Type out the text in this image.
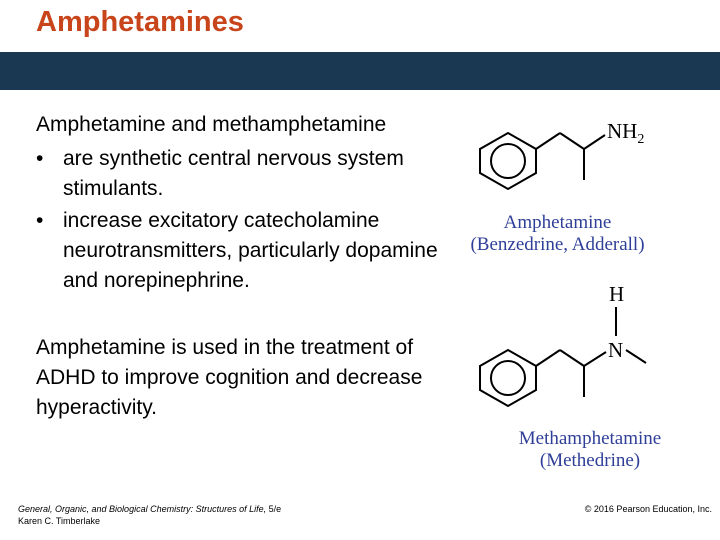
Amphetamines
Amphetamine and methamphetamine
• are synthetic central nervous system stimulants.
• increase excitatory catecholamine neurotransmitters, particularly dopamine and norepinephrine.
Amphetamine is used in the treatment of ADHD to improve cognition and decrease hyperactivity.
$NH_2$
Amphetamine
(Benzedrine, Adderall)
N
H
Methamphetamine
(Methedrine)
General, Organic, and Biological Chemistry: Structures of Life, 5/e
Karen C. Timberlake
© 2016 Pearson Education, Inc.
